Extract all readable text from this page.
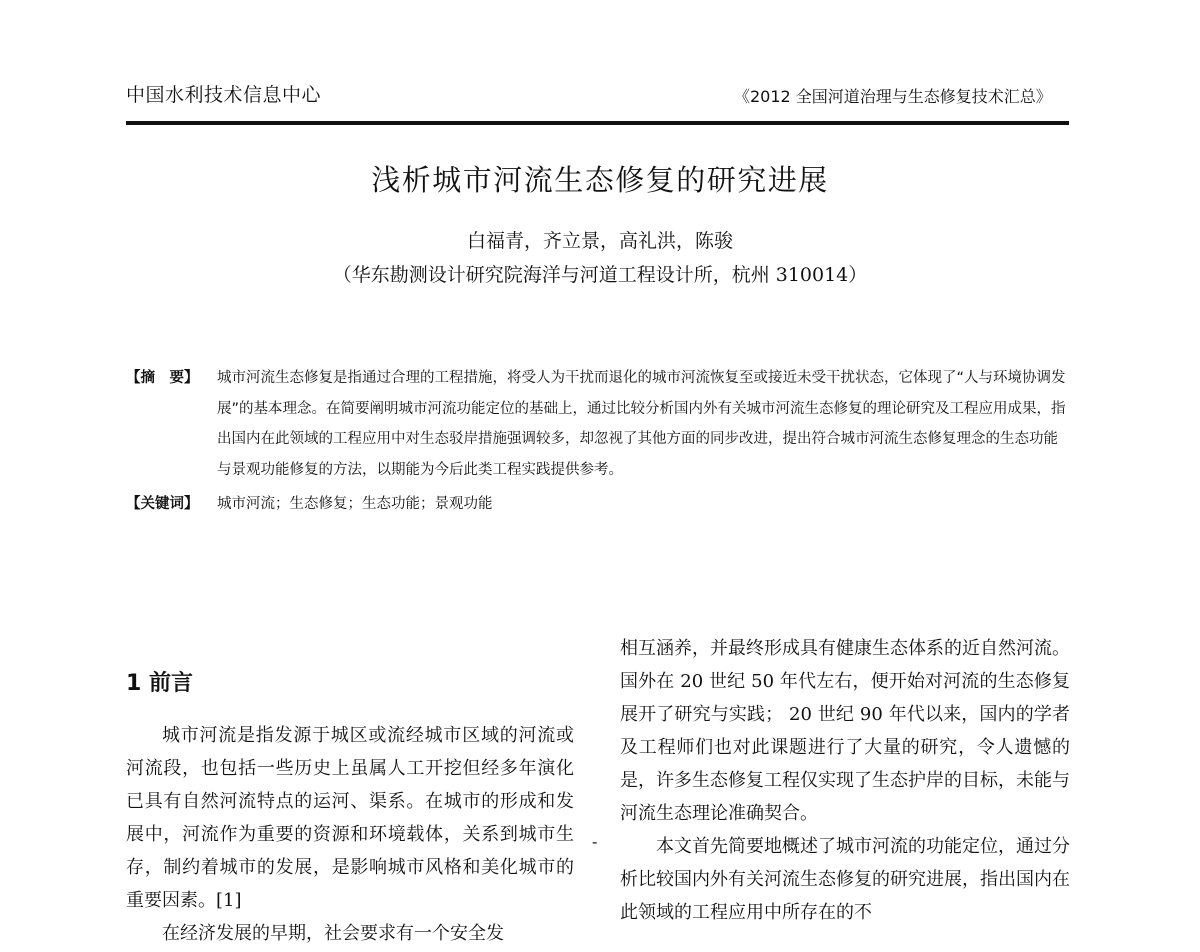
中国水利技术信息中心	《2012 全国河道治理与生态修复技术汇总》
浅析城市河流生态修复的研究进展
白福青，齐立景，高礼洪，陈骏
（华东勘测设计研究院海洋与河道工程设计所，杭州 310014）
【摘　要】	城市河流生态修复是指通过合理的工程措施，将受人为干扰而退化的城市河流恢复至或接近未受干扰状态，它体现了“人与环境协调发展”的基本理念。在简要阐明城市河流功能定位的基础上，通过比较分析国内外有关城市河流生态修复的理论研究及工程应用成果，指出国内在此领域的工程应用中对生态驳岸措施强调较多，却忽视了其他方面的同步改进，提出符合城市河流生态修复理念的生态功能与景观功能修复的方法，以期能为今后此类工程实践提供参考。
【关键词】	城市河流；生态修复；生态功能；景观功能
1 前言

城市河流是指发源于城区或流经城市区域的河流或河流段，也包括一些历史上虽属人工开挖但经多年演化已具有自然河流特点的运河、渠系。在城市的形成和发展中，河流作为重要的资源和环境载体，关系到城市生存，制约着城市的发展，是影响城市风格和美化城市的重要因素。[1]

在经济发展的早期，社会要求有一个安全发

-

相互涵养，并最终形成具有健康生态体系的近自然河流。国外在 20 世纪 50 年代左右，便开始对河流的生态修复展开了研究与实践； 20 世纪 90 年代以来，国内的学者及工程师们也对此课题进行了大量的研究，令人遗憾的是，许多生态修复工程仅实现了生态护岸的目标，未能与河流生态理论准确契合。

本文首先简要地概述了城市河流的功能定位，通过分析比较国内外有关河流生态修复的研究进展，指出国内在此领域的工程应用中所存在的不
